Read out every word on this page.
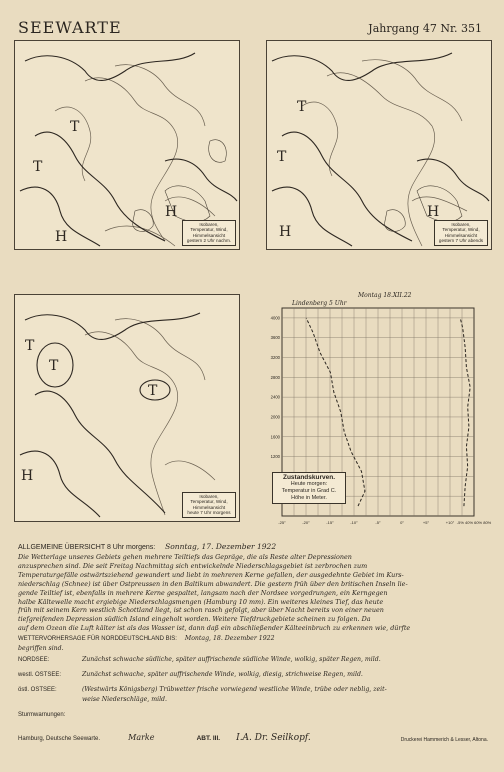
SEEWARTE	Jahrgang 47 Nr. 351
T
T
H
H
Isobaren,
Temperatur, Wind,
Himmelsansicht
gestern 2 Uhr nachm.
T
T
H
H
Isobaren,
Temperatur, Wind,
Himmelsansicht
gestern 7 Uhr abends
T
T
T
H
Isobaren,
Temperatur, Wind,
Himmelsansicht
heute 7 Uhr morgens
4000
3600
3200
2800
2400
2000
1600
1200
-25°	-20°	-15°	-10°	-5°	0°	+5°	+10° -5% 40% 60% 80%
Lindenberg 5 Uhr
Montag 18.XII.22
Zustandskurven.
Heute morgen:
Temperatur in Grad C.
Höhe in Meter.
ALLGEMEINE ÜBERSICHT 8 Uhr morgens: Sonntag, 17. Dezember 1922
Die Wetterlage unseres Gebiets gehen mehrere Teiltiefs das Gepräge, die als Reste alter Depressionen
anzusprechen sind. Die seit Freitag Nachmittag sich entwickelnde Niederschlagsgebiet ist zerbrochen zum
Temperaturgefälle ostwärtsziehend gewandert und liebt in mehreren Kerne gefallen, der ausgedehnte Gebiet im Kurs-
niederschlag (Schnee) ist über Ostpreussen in den Baltikum abwandert. Die gestern früh über den britischen Inseln lie-
gende Teiltief ist, ebenfalls in mehrere Kerne gespaltet, langsam nach der Nordsee vorgedrungen, ein Kerngegen
halbe Kältewelle macht ergiebige Niederschlagsmengen (Hamburg 10 mm). Ein weiteres kleines Tief, das heute
früh mit seinem Kern westlich Schottland liegt, ist schon rasch gefolgt, aber über Nacht bereits von einer neuen
tiefgreifenden Depression südlich Island eingeholt worden. Weitere Tiefdruckgebiete scheinen zu folgen. Da
auf dem Ozean die Luft kälter ist als das Wasser ist, dann daß ein abschließender Kälteeinbruch zu erkennen wie, dürfte
WETTERVORHERSAGE FÜR NORDDEUTSCHLAND BIS: Montag, 18. Dezember 1922
begriffen sind.
NORDSEE:	Zunächst schwache südliche, später auffrischende südliche Winde, wolkig, später Regen, mild.
westl. OSTSEE:	Zunächst schwache, später auffrischende Winde, wolkig, diesig, strichweise Regen, mild.
östl. OSTSEE:	(Westwärts Königsberg) Trübwetter frische vorwiegend westliche Winde, trübe oder neblig, zeit-
weise Niederschläge, mild.
Sturmwarnungen:
Hamburg, Deutsche Seewarte.	Marke	ABT. III. I.A. Dr. Seilkopf.	Druckerei Hammerich & Lesser, Altona.
